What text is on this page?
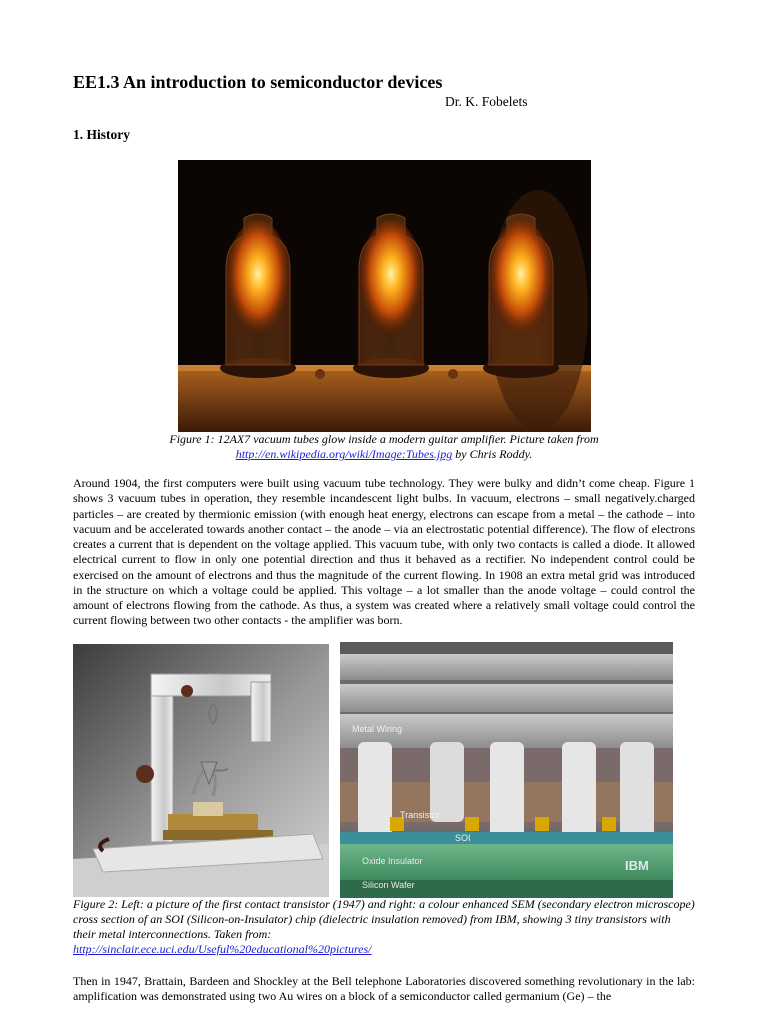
EE1.3 An introduction to semiconductor devices
Dr. K. Fobelets
1. History
Figure 1: 12AX7 vacuum tubes glow inside a modern guitar amplifier. Picture taken from
http://en.wikipedia.org/wiki/Image:Tubes.jpg by Chris Roddy.
Around 1904, the first computers were built using vacuum tube technology. They were bulky and didn’t come cheap. Figure 1 shows 3 vacuum tubes in operation, they resemble incandescent light bulbs. In vacuum, electrons – small negatively.charged particles – are created by thermionic emission (with enough heat energy, electrons can escape from a metal – the cathode – into vacuum and be accelerated towards another contact – the anode – via an electrostatic potential difference). The flow of electrons creates a current that is dependent on the voltage applied. This vacuum tube, with only two contacts is called a diode. It allowed electrical current to flow in only one potential direction and thus it behaved as a rectifier. No independent control could be exercised on the amount of electrons and thus the magnitude of the current flowing. In 1908 an extra metal grid was introduced in the structure on which a voltage could be applied. This voltage – a lot smaller than the anode voltage – could control the amount of electrons flowing from the cathode. As thus, a system was created where a relatively small voltage could control the current flowing between two other contacts - the amplifier was born.
Metal Wiring
Transistor
SOI
Oxide Insulator
Silicon Wafer
IBM
Figure 2: Left: a picture of the first contact transistor (1947) and right: a colour enhanced SEM (secondary electron microscope) cross section of an SOI (Silicon-on-Insulator) chip (dielectric insulation removed) from IBM, showing 3 tiny transistors with their metal interconnections. Taken from:
http://sinclair.ece.uci.edu/Useful%20educational%20pictures/
Then in 1947, Brattain, Bardeen and Shockley at the Bell telephone Laboratories discovered something revolutionary in the lab: amplification was demonstrated using two Au wires on a block of a semiconductor called germanium (Ge) – the
